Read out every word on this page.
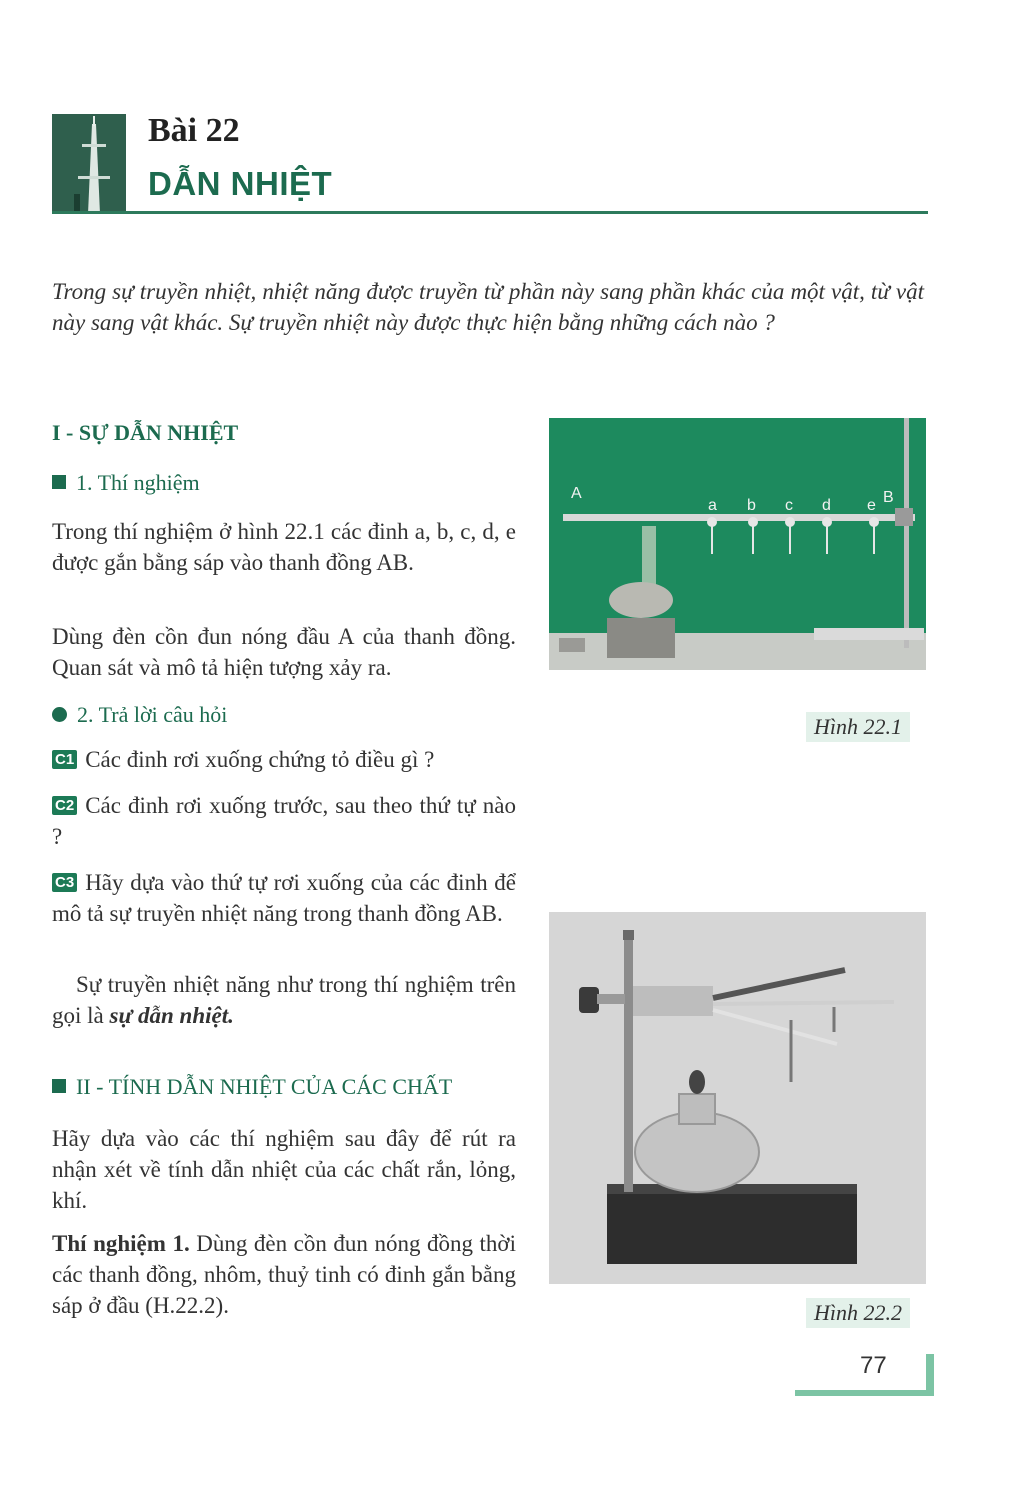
Bài 22
DẪN NHIỆT
Trong sự truyền nhiệt, nhiệt năng được truyền từ phần này sang phần khác của một vật, từ vật này sang vật khác. Sự truyền nhiệt này được thực hiện bằng những cách nào ?
I - SỰ DẪN NHIỆT
1. Thí nghiệm
Trong thí nghiệm ở hình 22.1 các đinh a, b, c, d, e được gắn bằng sáp vào thanh đồng AB.
Dùng đèn cồn đun nóng đầu A của thanh đồng. Quan sát và mô tả hiện tượng xảy ra.
2. Trả lời câu hỏi
C1 Các đinh rơi xuống chứng tỏ điều gì ?
C2 Các đinh rơi xuống trước, sau theo thứ tự nào ?
C3 Hãy dựa vào thứ tự rơi xuống của các đinh để mô tả sự truyền nhiệt năng trong thanh đồng AB.
Sự truyền nhiệt năng như trong thí nghiệm trên gọi là sự dẫn nhiệt.
II - TÍNH DẪN NHIỆT CỦA CÁC CHẤT
Hãy dựa vào các thí nghiệm sau đây để rút ra nhận xét về tính dẫn nhiệt của các chất rắn, lỏng, khí.
Thí nghiệm 1. Dùng đèn cồn đun nóng đồng thời các thanh đồng, nhôm, thuỷ tinh có đinh gắn bằng sáp ở đầu (H.22.2).
A
a b c d e B
Hình 22.1
Hình 22.2
77
